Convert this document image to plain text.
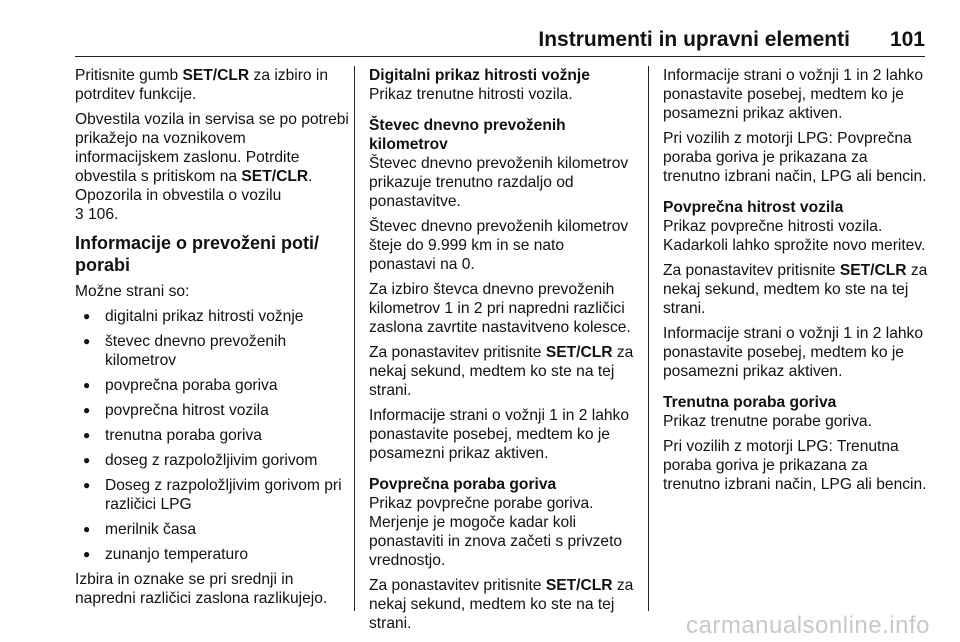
Instrumenti in upravni elementi 101

Pritisnite gumb SET/CLR za izbiro in potrditev funkcije.

Obvestila vozila in servisa se po potrebi prikažejo na voznikovem informacijskem zaslonu. Potrdite obvestila s pritiskom na SET/CLR. Opozorila in obvestila o vozilu
3 106.

Informacije o prevoženi poti/ porabi

Možne strani so:

● digitalni prikaz hitrosti vožnje
● števec dnevno prevoženih kilometrov
● povprečna poraba goriva
● povprečna hitrost vozila
● trenutna poraba goriva
● doseg z razpoložljivim gorivom
● Doseg z razpoložljivim gorivom pri različici LPG
● merilnik časa
● zunanjo temperaturo

Izbira in oznake se pri srednji in napredni različici zaslona razlikujejo.

Digitalni prikaz hitrosti vožnje

Prikaz trenutne hitrosti vozila.

Števec dnevno prevoženih kilometrov

Števec dnevno prevoženih kilometrov prikazuje trenutno razdaljo od ponastavitve.

Števec dnevno prevoženih kilometrov šteje do 9.999 km in se nato ponastavi na 0.

Za izbiro števca dnevno prevoženih kilometrov 1 in 2 pri napredni različici zaslona zavrtite nastavitveno kolesce.

Za ponastavitev pritisnite SET/CLR za nekaj sekund, medtem ko ste na tej strani.

Informacije strani o vožnji 1 in 2 lahko ponastavite posebej, medtem ko je posamezni prikaz aktiven.

Povprečna poraba goriva

Prikaz povprečne porabe goriva. Merjenje je mogoče kadar koli ponastaviti in znova začeti s privzeto vrednostjo.

Za ponastavitev pritisnite SET/CLR za nekaj sekund, medtem ko ste na tej strani.

Informacije strani o vožnji 1 in 2 lahko ponastavite posebej, medtem ko je posamezni prikaz aktiven.

Pri vozilih z motorji LPG: Povprečna poraba goriva je prikazana za trenutno izbrani način, LPG ali bencin.

Povprečna hitrost vozila

Prikaz povprečne hitrosti vozila. Kadarkoli lahko sprožite novo meritev.

Za ponastavitev pritisnite SET/CLR za nekaj sekund, medtem ko ste na tej strani.

Informacije strani o vožnji 1 in 2 lahko ponastavite posebej, medtem ko je posamezni prikaz aktiven.

Trenutna poraba goriva

Prikaz trenutne porabe goriva.

Pri vozilih z motorji LPG: Trenutna poraba goriva je prikazana za trenutno izbrani način, LPG ali bencin.

carmanualsonline.info
